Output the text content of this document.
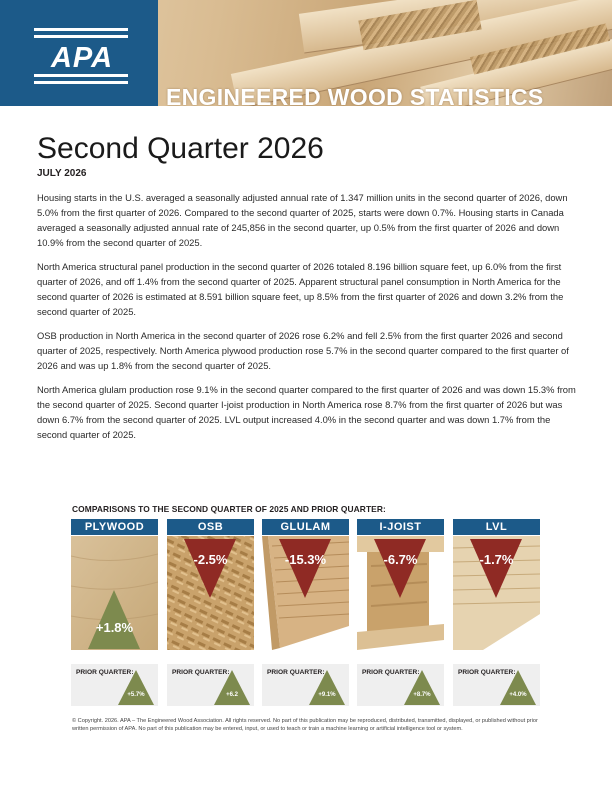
APA
ENGINEERED WOOD STATISTICS
Second Quarter 2026
JULY 2026

Housing starts in the U.S. averaged a seasonally adjusted annual rate of 1.347 million units in the second quarter of 2026, down 5.0% from the first quarter of 2026. Compared to the second quarter of 2025, starts were down 0.7%. Housing starts in Canada averaged a seasonally adjusted annual rate of 245,856 in the second quarter, up 0.5% from the first quarter of 2026 and down 10.9% from the second quarter of 2025.

North America structural panel production in the second quarter of 2026 totaled 8.196 billion square feet, up 6.0% from the first quarter of 2026, and off 1.4% from the second quarter of 2025. Apparent structural panel consumption in North America for the second quarter of 2026 is estimated at 8.591 billion square feet, up 8.5% from the first quarter of 2026 and down 3.2% from the second quarter of 2025.

OSB production in North America in the second quarter of 2026 rose 6.2% and fell 2.5% from the first quarter 2026 and second quarter of 2025, respectively. North America plywood production rose 5.7% in the second quarter compared to the first quarter of 2026 and was up 1.8% from the second quarter of 2025.

North America glulam production rose 9.1% in the second quarter compared to the first quarter of 2026 and was down 15.3% from the second quarter of 2025. Second quarter I-joist production in North America rose 8.7% from the first quarter of 2026 but was down 6.7% from the second quarter of 2025. LVL output increased 4.0% in the second quarter and was down 1.7% from the second quarter of 2025.

COMPARISONS TO THE SECOND QUARTER OF 2025 AND PRIOR QUARTER:
PLYWOOD
+1.8%
OSB
-2.5%
GLULAM
-15.3%
I-JOIST
-6.7%
LVL
-1.7%
PRIOR QUARTER:
+5.7%
PRIOR QUARTER:
+6.2
PRIOR QUARTER:
+9.1%
PRIOR QUARTER:
+8.7%
PRIOR QUARTER:
+4.0%
© Copyright. 2026. APA – The Engineered Wood Association. All rights reserved. No part of this publication may be reproduced, distributed, transmitted, displayed, or published without prior written permission of APA. No part of this publication may be entered, input, or used to teach or train a machine learning or artificial intelligence tool or system.
